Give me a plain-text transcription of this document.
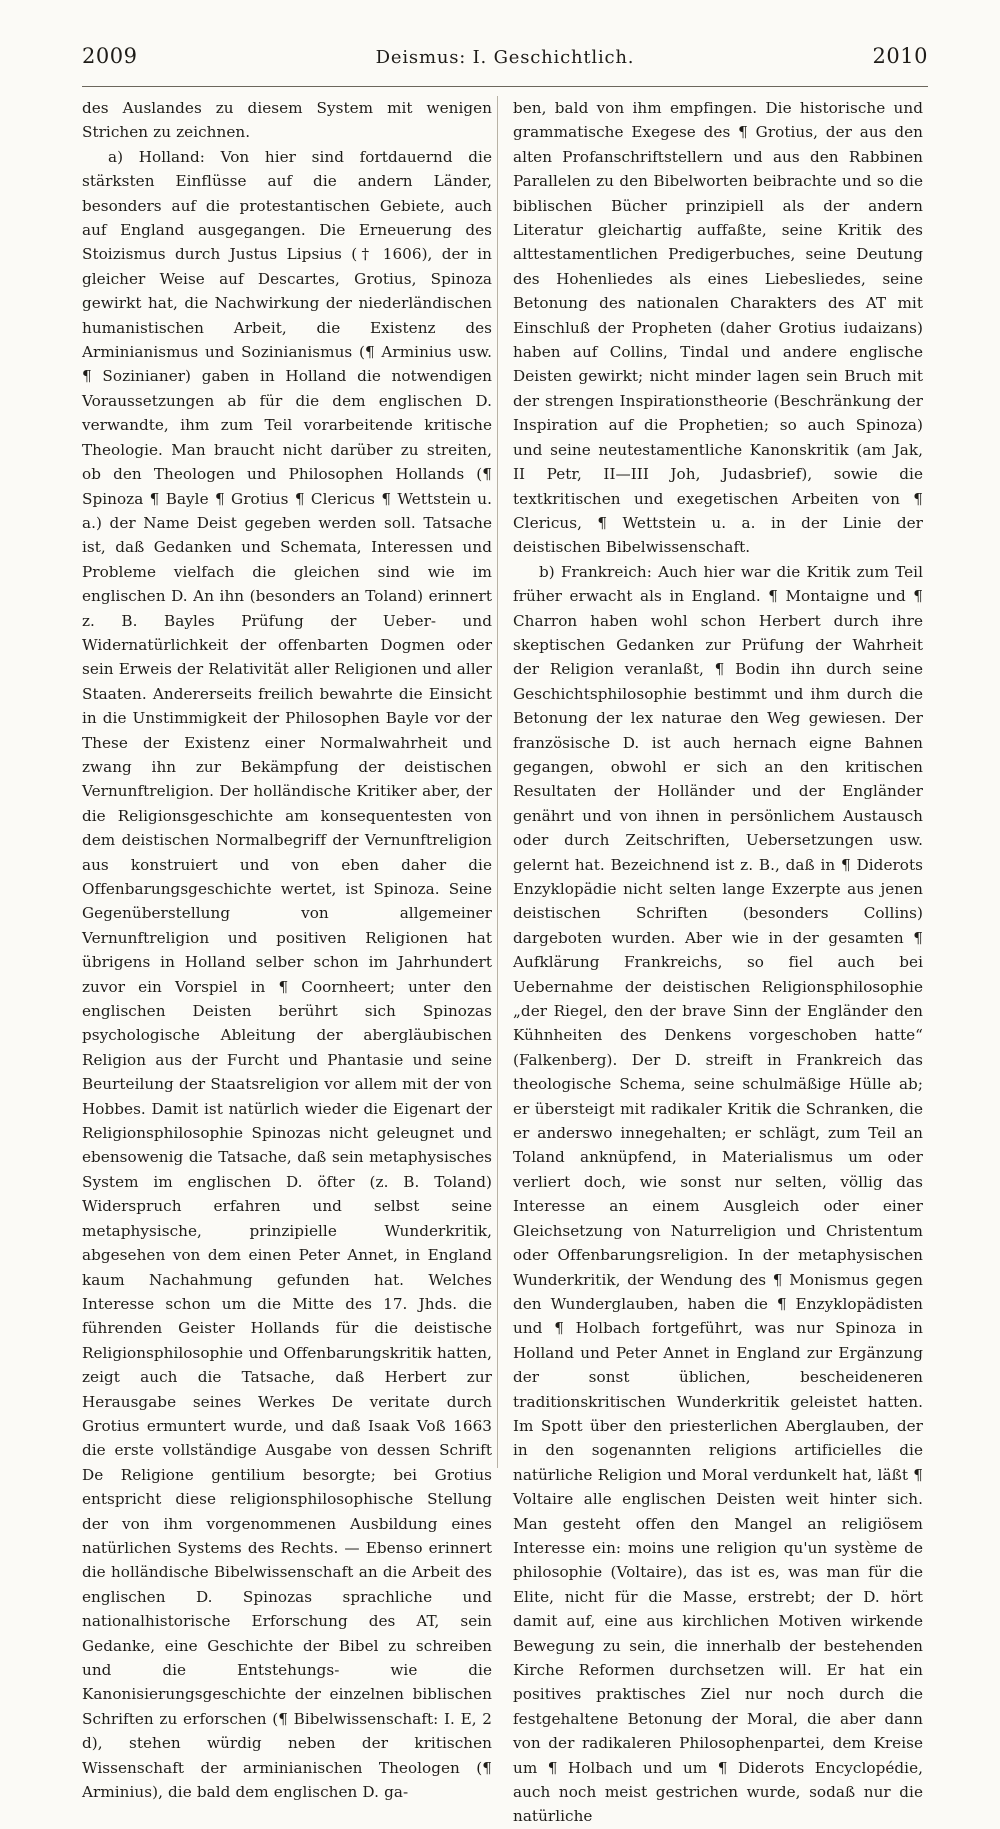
2009	Deismus: I. Geschichtlich.	2010

des Auslandes zu diesem System mit wenigen Strichen zu zeichnen.

a) Holland: Von hier sind fortdauernd die stärksten Einflüsse auf die andern Länder, besonders auf die protestantischen Gebiete, auch auf England ausgegangen. Die Erneuerung des Stoizismus durch Justus Lipsius († 1606), der in gleicher Weise auf Descartes, Grotius, Spinoza gewirkt hat, die Nachwirkung der niederländischen humanistischen Arbeit, die Existenz des Arminianismus und Sozinianismus (¶ Arminius usw. ¶ Sozinianer) gaben in Holland die notwendigen Voraussetzungen ab für die dem englischen D. verwandte, ihm zum Teil vorarbeitende kritische Theologie. Man braucht nicht darüber zu streiten, ob den Theologen und Philosophen Hollands (¶ Spinoza ¶ Bayle ¶ Grotius ¶ Clericus ¶ Wettstein u. a.) der Name Deist gegeben werden soll. Tatsache ist, daß Gedanken und Schemata, Interessen und Probleme vielfach die gleichen sind wie im englischen D. An ihn (besonders an Toland) erinnert z. B. Bayles Prüfung der Ueber- und Widernatürlichkeit der offenbarten Dogmen oder sein Erweis der Relativität aller Religionen und aller Staaten. Andererseits freilich bewahrte die Einsicht in die Unstimmigkeit der Philosophen Bayle vor der These der Existenz einer Normalwahrheit und zwang ihn zur Bekämpfung der deistischen Vernunftreligion. Der holländische Kritiker aber, der die Religionsgeschichte am konsequentesten von dem deistischen Normalbegriff der Vernunftreligion aus konstruiert und von eben daher die Offenbarungsgeschichte wertet, ist Spinoza. Seine Gegenüberstellung von allgemeiner Vernunftreligion und positiven Religionen hat übrigens in Holland selber schon im Jahrhundert zuvor ein Vorspiel in ¶ Coornheert; unter den englischen Deisten berührt sich Spinozas psychologische Ableitung der abergläubischen Religion aus der Furcht und Phantasie und seine Beurteilung der Staatsreligion vor allem mit der von Hobbes. Damit ist natürlich wieder die Eigenart der Religionsphilosophie Spinozas nicht geleugnet und ebensowenig die Tatsache, daß sein metaphysisches System im englischen D. öfter (z. B. Toland) Widerspruch erfahren und selbst seine metaphysische, prinzipielle Wunderkritik, abgesehen von dem einen Peter Annet, in England kaum Nachahmung gefunden hat. Welches Interesse schon um die Mitte des 17. Jhds. die führenden Geister Hollands für die deistische Religionsphilosophie und Offenbarungskritik hatten, zeigt auch die Tatsache, daß Herbert zur Herausgabe seines Werkes De veritate durch Grotius ermuntert wurde, und daß Isaak Voß 1663 die erste vollständige Ausgabe von dessen Schrift De Religione gentilium besorgte; bei Grotius entspricht diese religionsphilosophische Stellung der von ihm vorgenommenen Ausbildung eines natürlichen Systems des Rechts. — Ebenso erinnert die holländische Bibelwissenschaft an die Arbeit des englischen D. Spinozas sprachliche und nationalhistorische Erforschung des AT, sein Gedanke, eine Geschichte der Bibel zu schreiben und die Entstehungs- wie die Kanonisierungsgeschichte der einzelnen biblischen Schriften zu erforschen (¶ Bibelwissenschaft: I. E, 2 d), stehen würdig neben der kritischen Wissenschaft der arminianischen Theologen (¶ Arminius), die bald dem englischen D. ga-

ben, bald von ihm empfingen. Die historische und grammatische Exegese des ¶ Grotius, der aus den alten Profanschriftstellern und aus den Rabbinen Parallelen zu den Bibelworten beibrachte und so die biblischen Bücher prinzipiell als der andern Literatur gleichartig auffaßte, seine Kritik des alttestamentlichen Predigerbuches, seine Deutung des Hohenliedes als eines Liebesliedes, seine Betonung des nationalen Charakters des AT mit Einschluß der Propheten (daher Grotius iudaizans) haben auf Collins, Tindal und andere englische Deisten gewirkt; nicht minder lagen sein Bruch mit der strengen Inspirationstheorie (Beschränkung der Inspiration auf die Prophetien; so auch Spinoza) und seine neutestamentliche Kanonskritik (am Jak, II Petr, II—III Joh, Judasbrief), sowie die textkritischen und exegetischen Arbeiten von ¶ Clericus, ¶ Wettstein u. a. in der Linie der deistischen Bibelwissenschaft.

b) Frankreich: Auch hier war die Kritik zum Teil früher erwacht als in England. ¶ Montaigne und ¶ Charron haben wohl schon Herbert durch ihre skeptischen Gedanken zur Prüfung der Wahrheit der Religion veranlaßt, ¶ Bodin ihn durch seine Geschichtsphilosophie bestimmt und ihm durch die Betonung der lex naturae den Weg gewiesen. Der französische D. ist auch hernach eigne Bahnen gegangen, obwohl er sich an den kritischen Resultaten der Holländer und der Engländer genährt und von ihnen in persönlichem Austausch oder durch Zeitschriften, Uebersetzungen usw. gelernt hat. Bezeichnend ist z. B., daß in ¶ Diderots Enzyklopädie nicht selten lange Exzerpte aus jenen deistischen Schriften (besonders Collins) dargeboten wurden. Aber wie in der gesamten ¶ Aufklärung Frankreichs, so fiel auch bei Uebernahme der deistischen Religionsphilosophie „der Riegel, den der brave Sinn der Engländer den Kühnheiten des Denkens vorgeschoben hatte“ (Falkenberg). Der D. streift in Frankreich das theologische Schema, seine schulmäßige Hülle ab; er übersteigt mit radikaler Kritik die Schranken, die er anderswo innegehalten; er schlägt, zum Teil an Toland anknüpfend, in Materialismus um oder verliert doch, wie sonst nur selten, völlig das Interesse an einem Ausgleich oder einer Gleichsetzung von Naturreligion und Christentum oder Offenbarungsreligion. In der metaphysischen Wunderkritik, der Wendung des ¶ Monismus gegen den Wunderglauben, haben die ¶ Enzyklopädisten und ¶ Holbach fortgeführt, was nur Spinoza in Holland und Peter Annet in England zur Ergänzung der sonst üblichen, bescheideneren traditionskritischen Wunderkritik geleistet hatten. Im Spott über den priesterlichen Aberglauben, der in den sogenannten religions artificielles die natürliche Religion und Moral verdunkelt hat, läßt ¶ Voltaire alle englischen Deisten weit hinter sich. Man gesteht offen den Mangel an religiösem Interesse ein: moins une religion qu'un système de philosophie (Voltaire), das ist es, was man für die Elite, nicht für die Masse, erstrebt; der D. hört damit auf, eine aus kirchlichen Motiven wirkende Bewegung zu sein, die innerhalb der bestehenden Kirche Reformen durchsetzen will. Er hat ein positives praktisches Ziel nur noch durch die festgehaltene Betonung der Moral, die aber dann von der radikaleren Philosophenpartei, dem Kreise um ¶ Holbach und um ¶ Diderots Encyclopédie, auch noch meist gestrichen wurde, sodaß nur die natürliche
